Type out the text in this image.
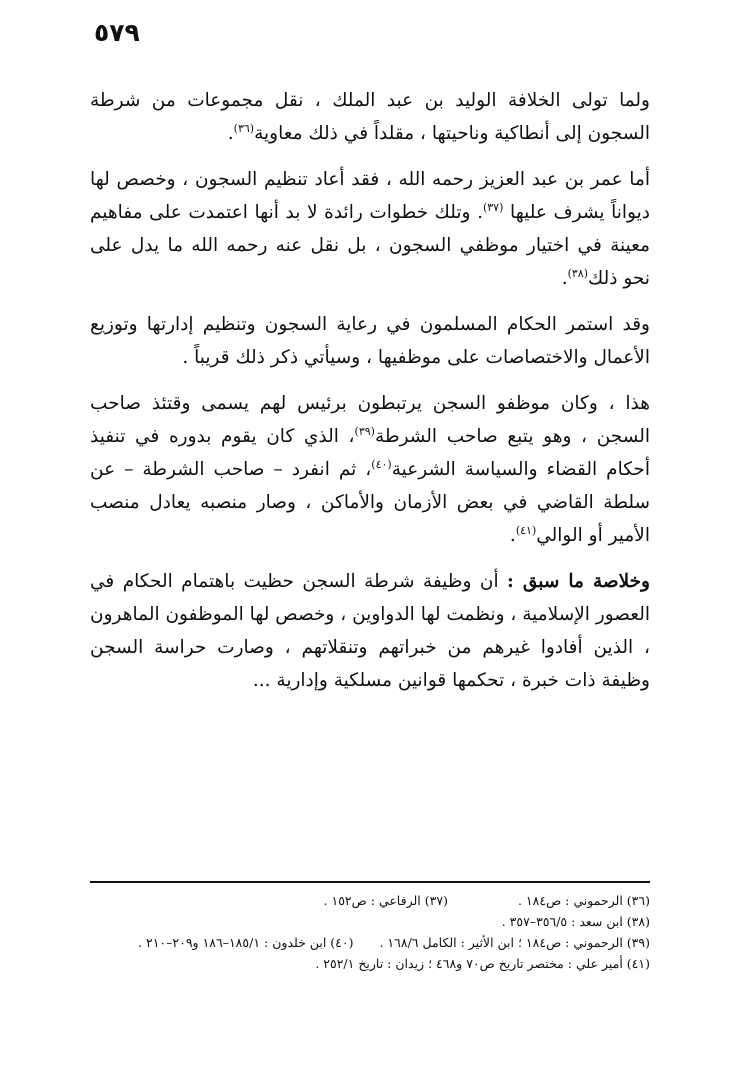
٥٧٩

ولما تولى الخلافة الوليد بن عبد الملك ، نقل مجموعات من شرطة السجون إلى أنطاكية وناحيتها ، مقلداً في ذلك معاوية$^{(٣٦)}$.

أما عمر بن عبد العزيز رحمه الله ، فقد أعاد تنظيم السجون ، وخصص لها ديواناً يشرف عليها $^{(٣٧)}$. وتلك خطوات رائدة لا بد أنها اعتمدت على مفاهيم معينة في اختيار موظفي السجون ، بل نقل عنه رحمه الله ما يدل على نحو ذلك$^{(٣٨)}$.

وقد استمر الحكام المسلمون في رعاية السجون وتنظيم إدارتها وتوزيع الأعمال والاختصاصات على موظفيها ، وسيأتي ذكر ذلك قريباً .

هذا ، وكان موظفو السجن يرتبطون برئيس لهم يسمى وقتئذ صاحب السجن ، وهو يتبع صاحب الشرطة$^{(٣٩)}$، الذي كان يقوم بدوره في تنفيذ أحكام القضاء والسياسة الشرعية$^{(٤٠)}$، ثم انفرد – صاحب الشرطة – عن سلطة القاضي في بعض الأزمان والأماكن ، وصار منصبه يعادل منصب الأمير أو الوالي$^{(٤١)}$.

وخلاصة ما سبق : أن وظيفة شرطة السجن حظيت باهتمام الحكام في العصور الإسلامية ، ونظمت لها الدواوين ، وخصص لها الموظفون الماهرون ، الذين أفادوا غيرهم من خبراتهم وتنقلاتهم ، وصارت حراسة السجن وظيفة ذات خبرة ، تحكمها قوانين مسلكية وإدارية ...

(٣٦) الرحموني : ص١٨٤ .(٣٧) الرفاعي : ص١٥٢ .
(٣٨) ابن سعد : ٣٥٦/٥–٣٥٧ .
(٣٩) الرحموني : ص١٨٤ ؛ ابن الأثير : الكامل ١٦٨/٦ .(٤٠) ابن خلدون : ١٨٥/١–١٨٦ و٢٠٩–٢١٠ .
(٤١) أمير علي : مختصر تاريخ ص٧٠ و٤٦٨ ؛ زيدان : تاريخ ٢٥٢/١ .
